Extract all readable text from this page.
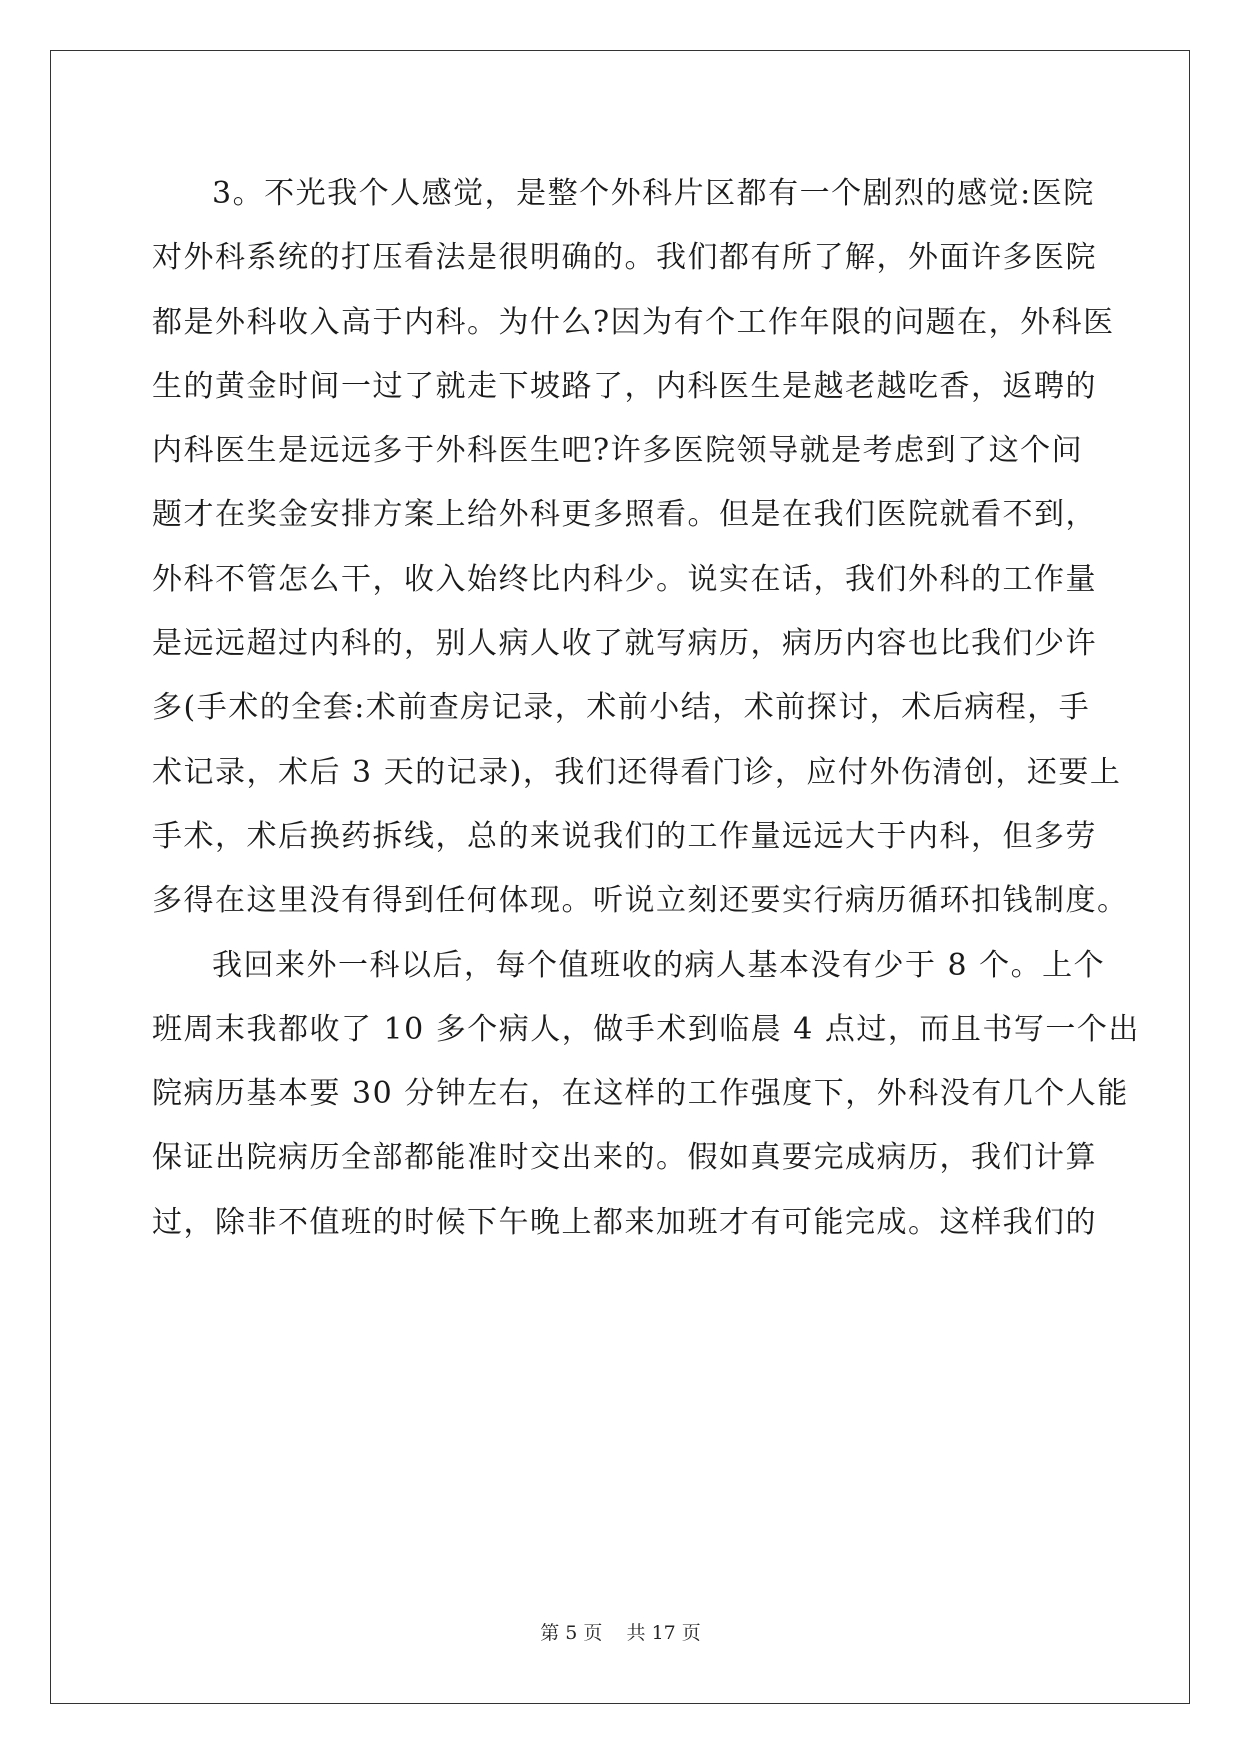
3。不光我个人感觉，是整个外科片区都有一个剧烈的感觉:医院
对外科系统的打压看法是很明确的。我们都有所了解，外面许多医院
都是外科收入高于内科。为什么?因为有个工作年限的问题在，外科医
生的黄金时间一过了就走下坡路了，内科医生是越老越吃香，返聘的
内科医生是远远多于外科医生吧?许多医院领导就是考虑到了这个问
题才在奖金安排方案上给外科更多照看。但是在我们医院就看不到，
外科不管怎么干，收入始终比内科少。说实在话，我们外科的工作量
是远远超过内科的，别人病人收了就写病历，病历内容也比我们少许
多(手术的全套:术前查房记录，术前小结，术前探讨，术后病程，手
术记录，术后 3 天的记录)，我们还得看门诊，应付外伤清创，还要上
手术，术后换药拆线，总的来说我们的工作量远远大于内科，但多劳
多得在这里没有得到任何体现。听说立刻还要实行病历循环扣钱制度。
我回来外一科以后，每个值班收的病人基本没有少于 8 个。上个
班周末我都收了 10 多个病人，做手术到临晨 4 点过，而且书写一个出
院病历基本要 30 分钟左右，在这样的工作强度下，外科没有几个人能
保证出院病历全部都能准时交出来的。假如真要完成病历，我们计算
过，除非不值班的时候下午晚上都来加班才有可能完成。这样我们的
第 5 页    共 17 页
